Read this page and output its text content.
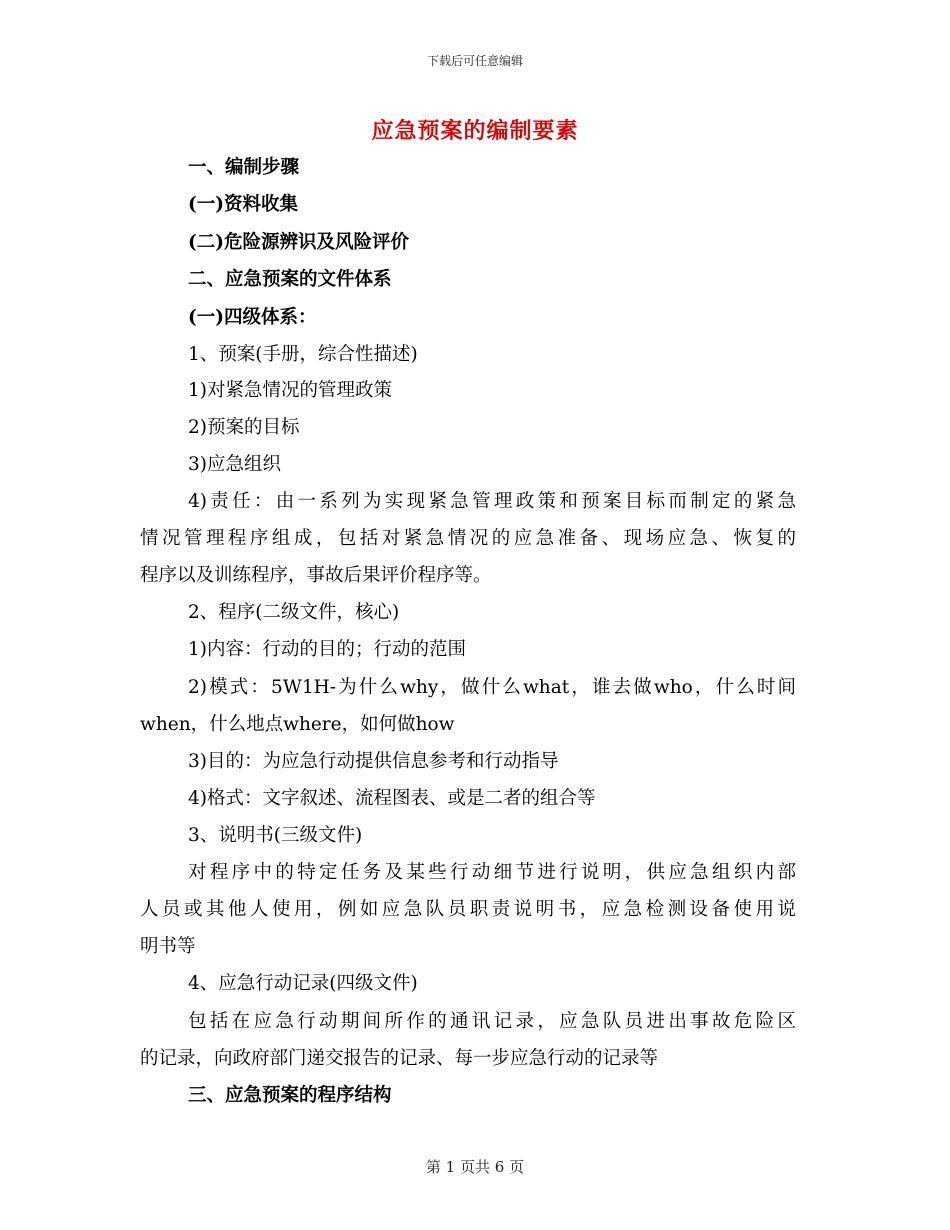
下载后可任意编辑
应急预案的编制要素
一、编制步骤
(一)资料收集
(二)危险源辨识及风险评价
二、应急预案的文件体系
(一)四级体系：
1、预案(手册，综合性描述)
1)对紧急情况的管理政策
2)预案的目标
3)应急组织
4)责任：由一系列为实现紧急管理政策和预案目标而制定的紧急
情况管理程序组成，包括对紧急情况的应急准备、现场应急、恢复的
程序以及训练程序，事故后果评价程序等。
2、程序(二级文件，核心)
1)内容：行动的目的；行动的范围
2)模式：5W1H-为什么why，做什么what，谁去做who，什么时间
when，什么地点where，如何做how
3)目的：为应急行动提供信息参考和行动指导
4)格式：文字叙述、流程图表、或是二者的组合等
3、说明书(三级文件)
对程序中的特定任务及某些行动细节进行说明，供应急组织内部
人员或其他人使用，例如应急队员职责说明书，应急检测设备使用说
明书等
4、应急行动记录(四级文件)
包括在应急行动期间所作的通讯记录，应急队员进出事故危险区
的记录，向政府部门递交报告的记录、每一步应急行动的记录等
三、应急预案的程序结构
第 1 页共 6 页
